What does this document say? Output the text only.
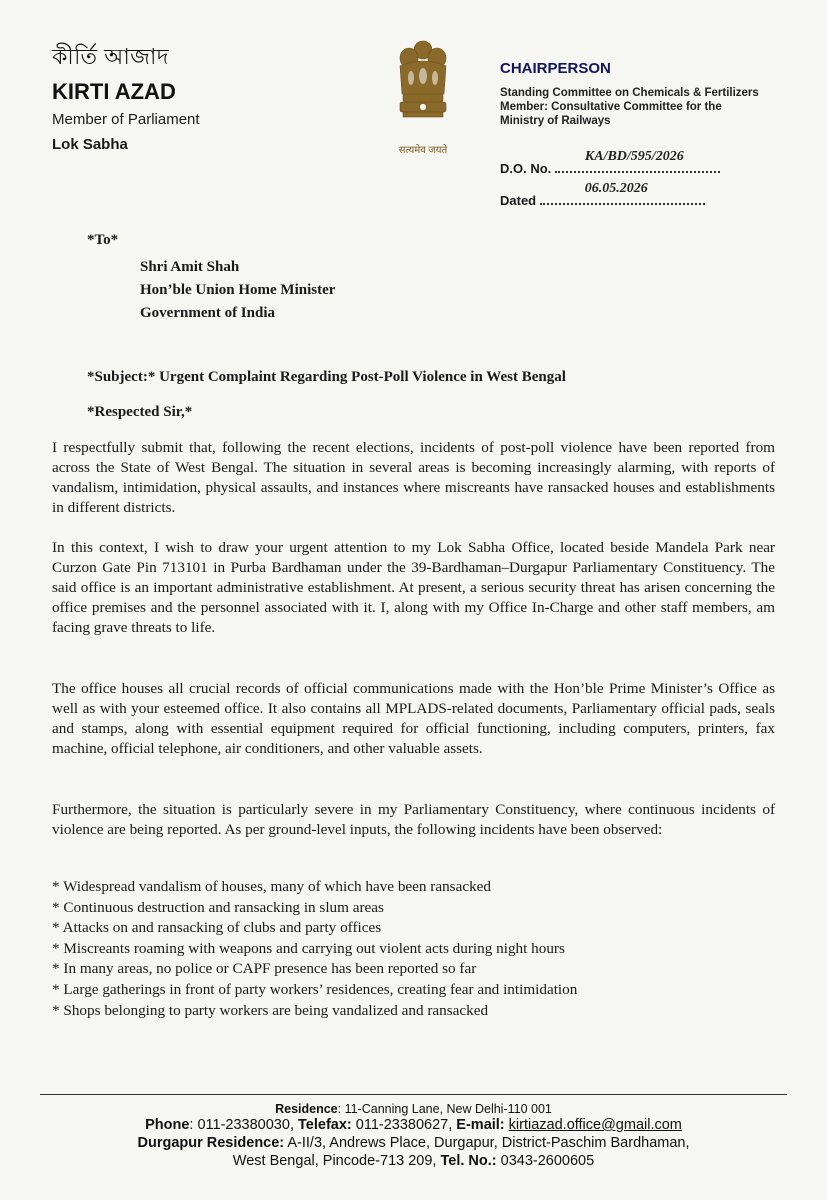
কীর্তি আজাদ
KIRTI AZAD
Member of Parliament
Lok Sabha	सत्यमेव जयते
CHAIRPERSON
Standing Committee on Chemicals & Fertilizers
Member: Consultative Committee for the
Ministry of Railways
D.O. No.
KA/BD/595/2026
Dated
06.05.2026
*To*
Shri Amit Shah
Hon’ble Union Home Minister
Government of India
*Subject:* Urgent Complaint Regarding Post-Poll Violence in West Bengal
*Respected Sir,*

I respectfully submit that, following the recent elections, incidents of post-poll violence have been reported from across the State of West Bengal. The situation in several areas is becoming increasingly alarming, with reports of vandalism, intimidation, physical assaults, and instances where miscreants have ransacked houses and establishments in different districts.

In this context, I wish to draw your urgent attention to my Lok Sabha Office, located beside Mandela Park near Curzon Gate Pin 713101 in Purba Bardhaman under the 39-Bardhaman–Durgapur Parliamentary Constituency. The said office is an important administrative establishment. At present, a serious security threat has arisen concerning the office premises and the personnel associated with it. I, along with my Office In-Charge and other staff members, am facing grave threats to life.

The office houses all crucial records of official communications made with the Hon’ble Prime Minister’s Office as well as with your esteemed office. It also contains all MPLADS-related documents, Parliamentary official pads, seals and stamps, along with essential equipment required for official functioning, including computers, printers, fax machine, official telephone, air conditioners, and other valuable assets.

Furthermore, the situation is particularly severe in my Parliamentary Constituency, where continuous incidents of violence are being reported. As per ground-level inputs, the following incidents have been observed:

* Widespread vandalism of houses, many of which have been ransacked
* Continuous destruction and ransacking in slum areas
* Attacks on and ransacking of clubs and party offices
* Miscreants roaming with weapons and carrying out violent acts during night hours
* In many areas, no police or CAPF presence has been reported so far
* Large gatherings in front of party workers’ residences, creating fear and intimidation
* Shops belonging to party workers are being vandalized and ransacked
Residence: 11-Canning Lane, New Delhi-110 001
Phone: 011-23380030, Telefax: 011-23380627, E-mail: kirtiazad.office@gmail.com
Durgapur Residence: A-II/3, Andrews Place, Durgapur, District-Paschim Bardhaman,
West Bengal, Pincode-713 209, Tel. No.: 0343-2600605
